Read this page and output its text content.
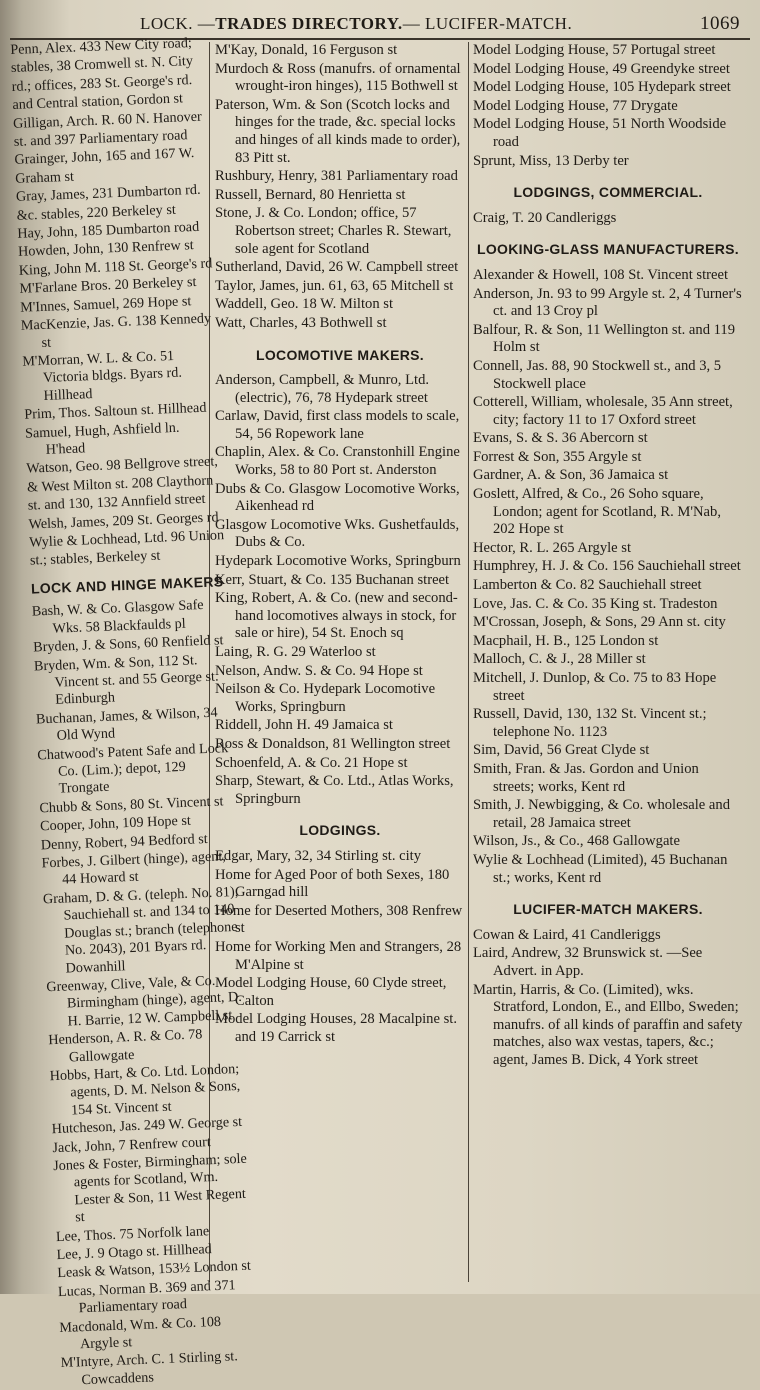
LOCK. —TRADES DIRECTORY.— LUCIFER-MATCH.	1069
Penn, Alex. 433 New City road;
stables, 38 Cromwell st. N. City
rd.; offices, 283 St. George's rd.
and Central station, Gordon st
Gilligan, Arch. R. 60 N. Hanover
st. and 397 Parliamentary road
Grainger, John, 165 and 167 W.
Graham st
Gray, James, 231 Dumbarton rd.
&c. stables, 220 Berkeley st
Hay, John, 185 Dumbarton road
Howden, John, 130 Renfrew st
King, John M. 118 St. George's rd
M'Farlane Bros. 20 Berkeley st
M'Innes, Samuel, 269 Hope st
MacKenzie, Jas. G. 138 Kennedy st
M'Morran, W. L. & Co. 51 Victoria bldgs. Byars rd. Hillhead
Prim, Thos. Saltoun st. Hillhead
Samuel, Hugh, Ashfield ln. H'head
Watson, Geo. 98 Bellgrove street,
& West Milton st. 208 Claythorn
st. and 130, 132 Annfield street
Welsh, James, 209 St. Georges rd
Wylie & Lochhead, Ltd. 96 Union
st.; stables, Berkeley st
LOCK AND HINGE MAKERS
Bash, W. & Co. Glasgow Safe Wks. 58 Blackfaulds pl
Bryden, J. & Sons, 60 Renfield st
Bryden, Wm. & Son, 112 St. Vincent st. and 55 George st. Edinburgh
Buchanan, James, & Wilson, 34 Old Wynd
Chatwood's Patent Safe and Lock Co. (Lim.); depot, 129 Trongate
Chubb & Sons, 80 St. Vincent st
Cooper, John, 109 Hope st
Denny, Robert, 94 Bedford st
Forbes, J. Gilbert (hinge), agent, 44 Howard st
Graham, D. & G. (teleph. No. 81), Sauchiehall st. and 134 to 140 Douglas st.; branch (telephone No. 2043), 201 Byars rd. Dowanhill
Greenway, Clive, Vale, & Co. Birmingham (hinge), agent, D. H. Barrie, 12 W. Campbell st
Henderson, A. R. & Co. 78 Gallowgate
Hobbs, Hart, & Co. Ltd. London; agents, D. M. Nelson & Sons, 154 St. Vincent st
Hutcheson, Jas. 249 W. George st
Jack, John, 7 Renfrew court
Jones & Foster, Birmingham; sole agents for Scotland, Wm. Lester & Son, 11 West Regent st
Lee, Thos. 75 Norfolk lane
Lee, J. 9 Otago st. Hillhead
Leask & Watson, 153½ London st
Lucas, Norman B. 369 and 371 Parliamentary road
Macdonald, Wm. & Co. 108 Argyle st
M'Intyre, Arch. C. 1 Stirling st. Cowcaddens
M'Kay, Donald, 16 Ferguson st
Murdoch & Ross (manufrs. of ornamental wrought-iron hinges), 115 Bothwell st
Paterson, Wm. & Son (Scotch locks and hinges for the trade, &c. special locks and hinges of all kinds made to order), 83 Pitt st.
Rushbury, Henry, 381 Parliamentary road
Russell, Bernard, 80 Henrietta st
Stone, J. & Co. London; office, 57 Robertson street; Charles R. Stewart, sole agent for Scotland
Sutherland, David, 26 W. Campbell street
Taylor, James, jun. 61, 63, 65 Mitchell st
Waddell, Geo. 18 W. Milton st
Watt, Charles, 43 Bothwell st
LOCOMOTIVE MAKERS.
Anderson, Campbell, & Munro, Ltd. (electric), 76, 78 Hydepark street
Carlaw, David, first class models to scale, 54, 56 Ropework lane
Chaplin, Alex. & Co. Cranstonhill Engine Works, 58 to 80 Port st. Anderston
Dubs & Co. Glasgow Locomotive Works, Aikenhead rd
Glasgow Locomotive Wks. Gushetfaulds, Dubs & Co.
Hydepark Locomotive Works, Springburn
Kerr, Stuart, & Co. 135 Buchanan street
King, Robert, A. & Co. (new and second-hand locomotives always in stock, for sale or hire), 54 St. Enoch sq
Laing, R. G. 29 Waterloo st
Nelson, Andw. S. & Co. 94 Hope st
Neilson & Co. Hydepark Locomotive Works, Springburn
Riddell, John H. 49 Jamaica st
Ross & Donaldson, 81 Wellington street
Schoenfeld, A. & Co. 21 Hope st
Sharp, Stewart, & Co. Ltd., Atlas Works, Springburn
LODGINGS.
Edgar, Mary, 32, 34 Stirling st. city
Home for Aged Poor of both Sexes, 180 Garngad hill
Home for Deserted Mothers, 308 Renfrew st
Home for Working Men and Strangers, 28 M'Alpine st
Model Lodging House, 60 Clyde street, Calton
Model Lodging Houses, 28 Macalpine st. and 19 Carrick st
Model Lodging House, 57 Portugal street
Model Lodging House, 49 Greendyke street
Model Lodging House, 105 Hydepark street
Model Lodging House, 77 Drygate
Model Lodging House, 51 North Woodside road
Sprunt, Miss, 13 Derby ter
LODGINGS, COMMERCIAL.
Craig, T. 20 Candleriggs
LOOKING-GLASS MANUFACTURERS.
Alexander & Howell, 108 St. Vincent street
Anderson, Jn. 93 to 99 Argyle st. 2, 4 Turner's ct. and 13 Croy pl
Balfour, R. & Son, 11 Wellington st. and 119 Holm st
Connell, Jas. 88, 90 Stockwell st., and 3, 5 Stockwell place
Cotterell, William, wholesale, 35 Ann street, city; factory 11 to 17 Oxford street
Evans, S. & S. 36 Abercorn st
Forrest & Son, 355 Argyle st
Gardner, A. & Son, 36 Jamaica st
Goslett, Alfred, & Co., 26 Soho square, London; agent for Scotland, R. M'Nab, 202 Hope st
Hector, R. L. 265 Argyle st
Humphrey, H. J. & Co. 156 Sauchiehall street
Lamberton & Co. 82 Sauchiehall street
Love, Jas. C. & Co. 35 King st. Tradeston
M'Crossan, Joseph, & Sons, 29 Ann st. city
Macphail, H. B., 125 London st
Malloch, C. & J., 28 Miller st
Mitchell, J. Dunlop, & Co. 75 to 83 Hope street
Russell, David, 130, 132 St. Vincent st.; telephone No. 1123
Sim, David, 56 Great Clyde st
Smith, Fran. & Jas. Gordon and Union streets; works, Kent rd
Smith, J. Newbigging, & Co. wholesale and retail, 28 Jamaica street
Wilson, Js., & Co., 468 Gallowgate
Wylie & Lochhead (Limited), 45 Buchanan st.; works, Kent rd
LUCIFER-MATCH MAKERS.
Cowan & Laird, 41 Candleriggs
Laird, Andrew, 32 Brunswick st. —See Advert. in App.
Martin, Harris, & Co. (Limited), wks. Stratford, London, E., and Ellbo, Sweden; manufrs. of all kinds of paraffin and safety matches, also wax vestas, tapers, &c.; agent, James B. Dick, 4 York street
